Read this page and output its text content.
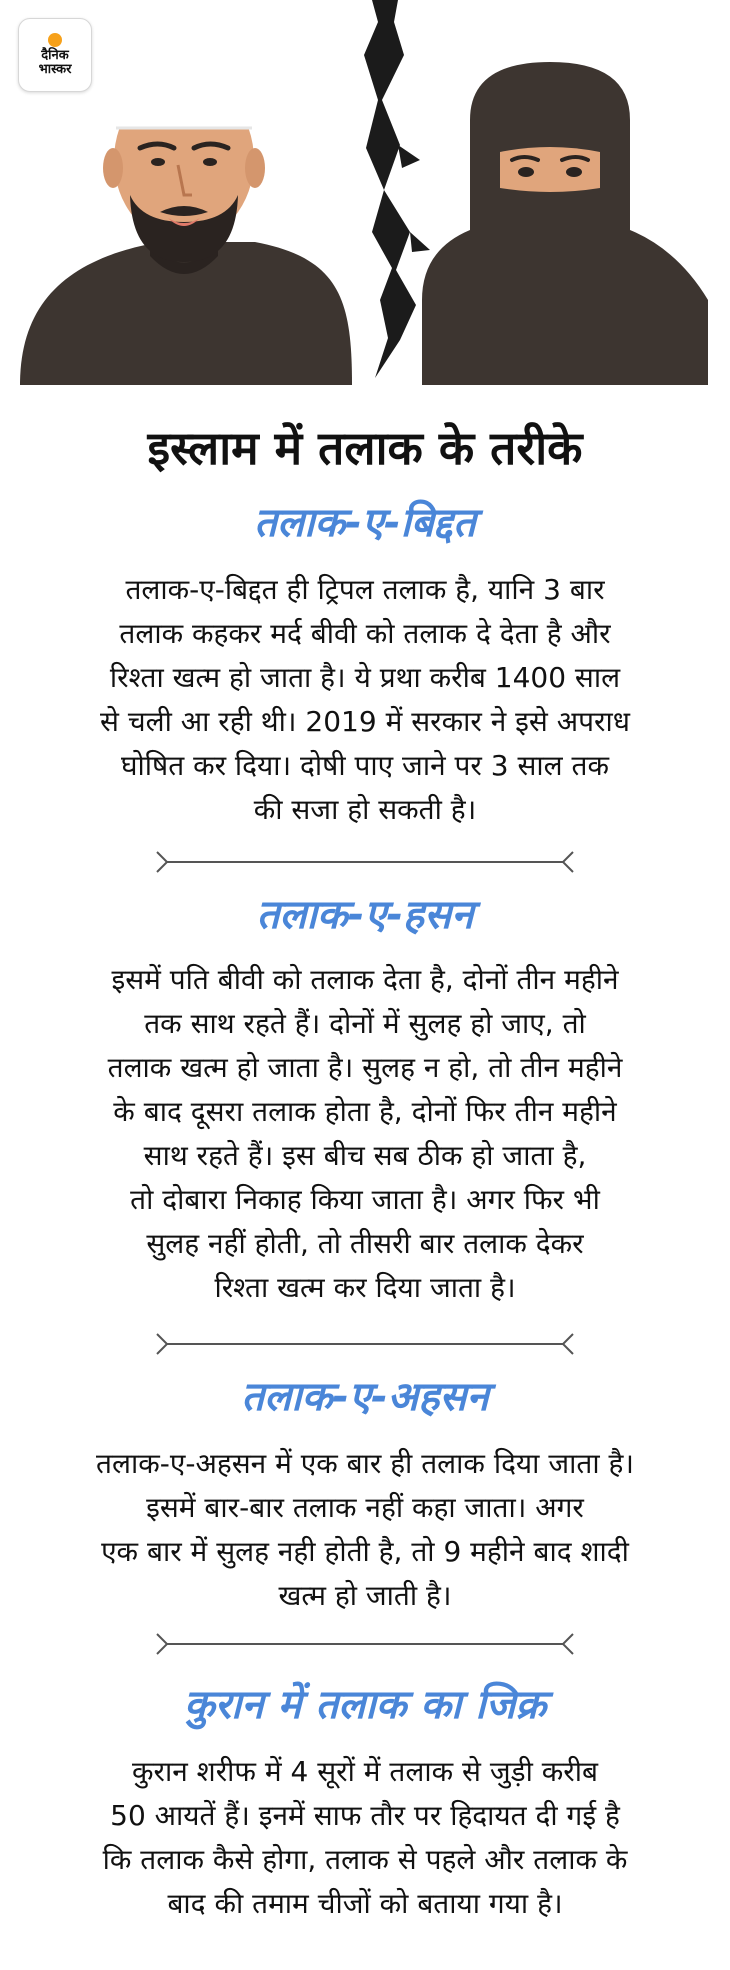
दैनिक
भास्कर
इस्लाम में तलाक के तरीके
तलाक-ए-बिद्दत
तलाक-ए-बिद्दत ही ट्रिपल तलाक है, यानि 3 बार
तलाक कहकर मर्द बीवी को तलाक दे देता है और
रिश्ता खत्म हो जाता है। ये प्रथा करीब 1400 साल
से चली आ रही थी। 2019 में सरकार ने इसे अपराध
घोषित कर दिया। दोषी पाए जाने पर 3 साल तक
की सजा हो सकती है।
तलाक-ए-हसन
इसमें पति बीवी को तलाक देता है, दोनों तीन महीने
तक साथ रहते हैं। दोनों में सुलह हो जाए, तो
तलाक खत्म हो जाता है। सुलह न हो, तो तीन महीने
के बाद दूसरा तलाक होता है, दोनों फिर तीन महीने
साथ रहते हैं। इस बीच सब ठीक हो जाता है,
तो दोबारा निकाह किया जाता है। अगर फिर भी
सुलह नहीं होती, तो तीसरी बार तलाक देकर
रिश्ता खत्म कर दिया जाता है।
तलाक-ए-अहसन
तलाक-ए-अहसन में एक बार ही तलाक दिया जाता है।
इसमें बार-बार तलाक नहीं कहा जाता। अगर
एक बार में सुलह नही होती है, तो 9 महीने बाद शादी
खत्म हो जाती है।
कुरान में तलाक का जिक्र
कुरान शरीफ में 4 सूरों में तलाक से जुड़ी करीब
50 आयतें हैं। इनमें साफ तौर पर हिदायत दी गई है
कि तलाक कैसे होगा, तलाक से पहले और तलाक के
बाद की तमाम चीजों को बताया गया है।
